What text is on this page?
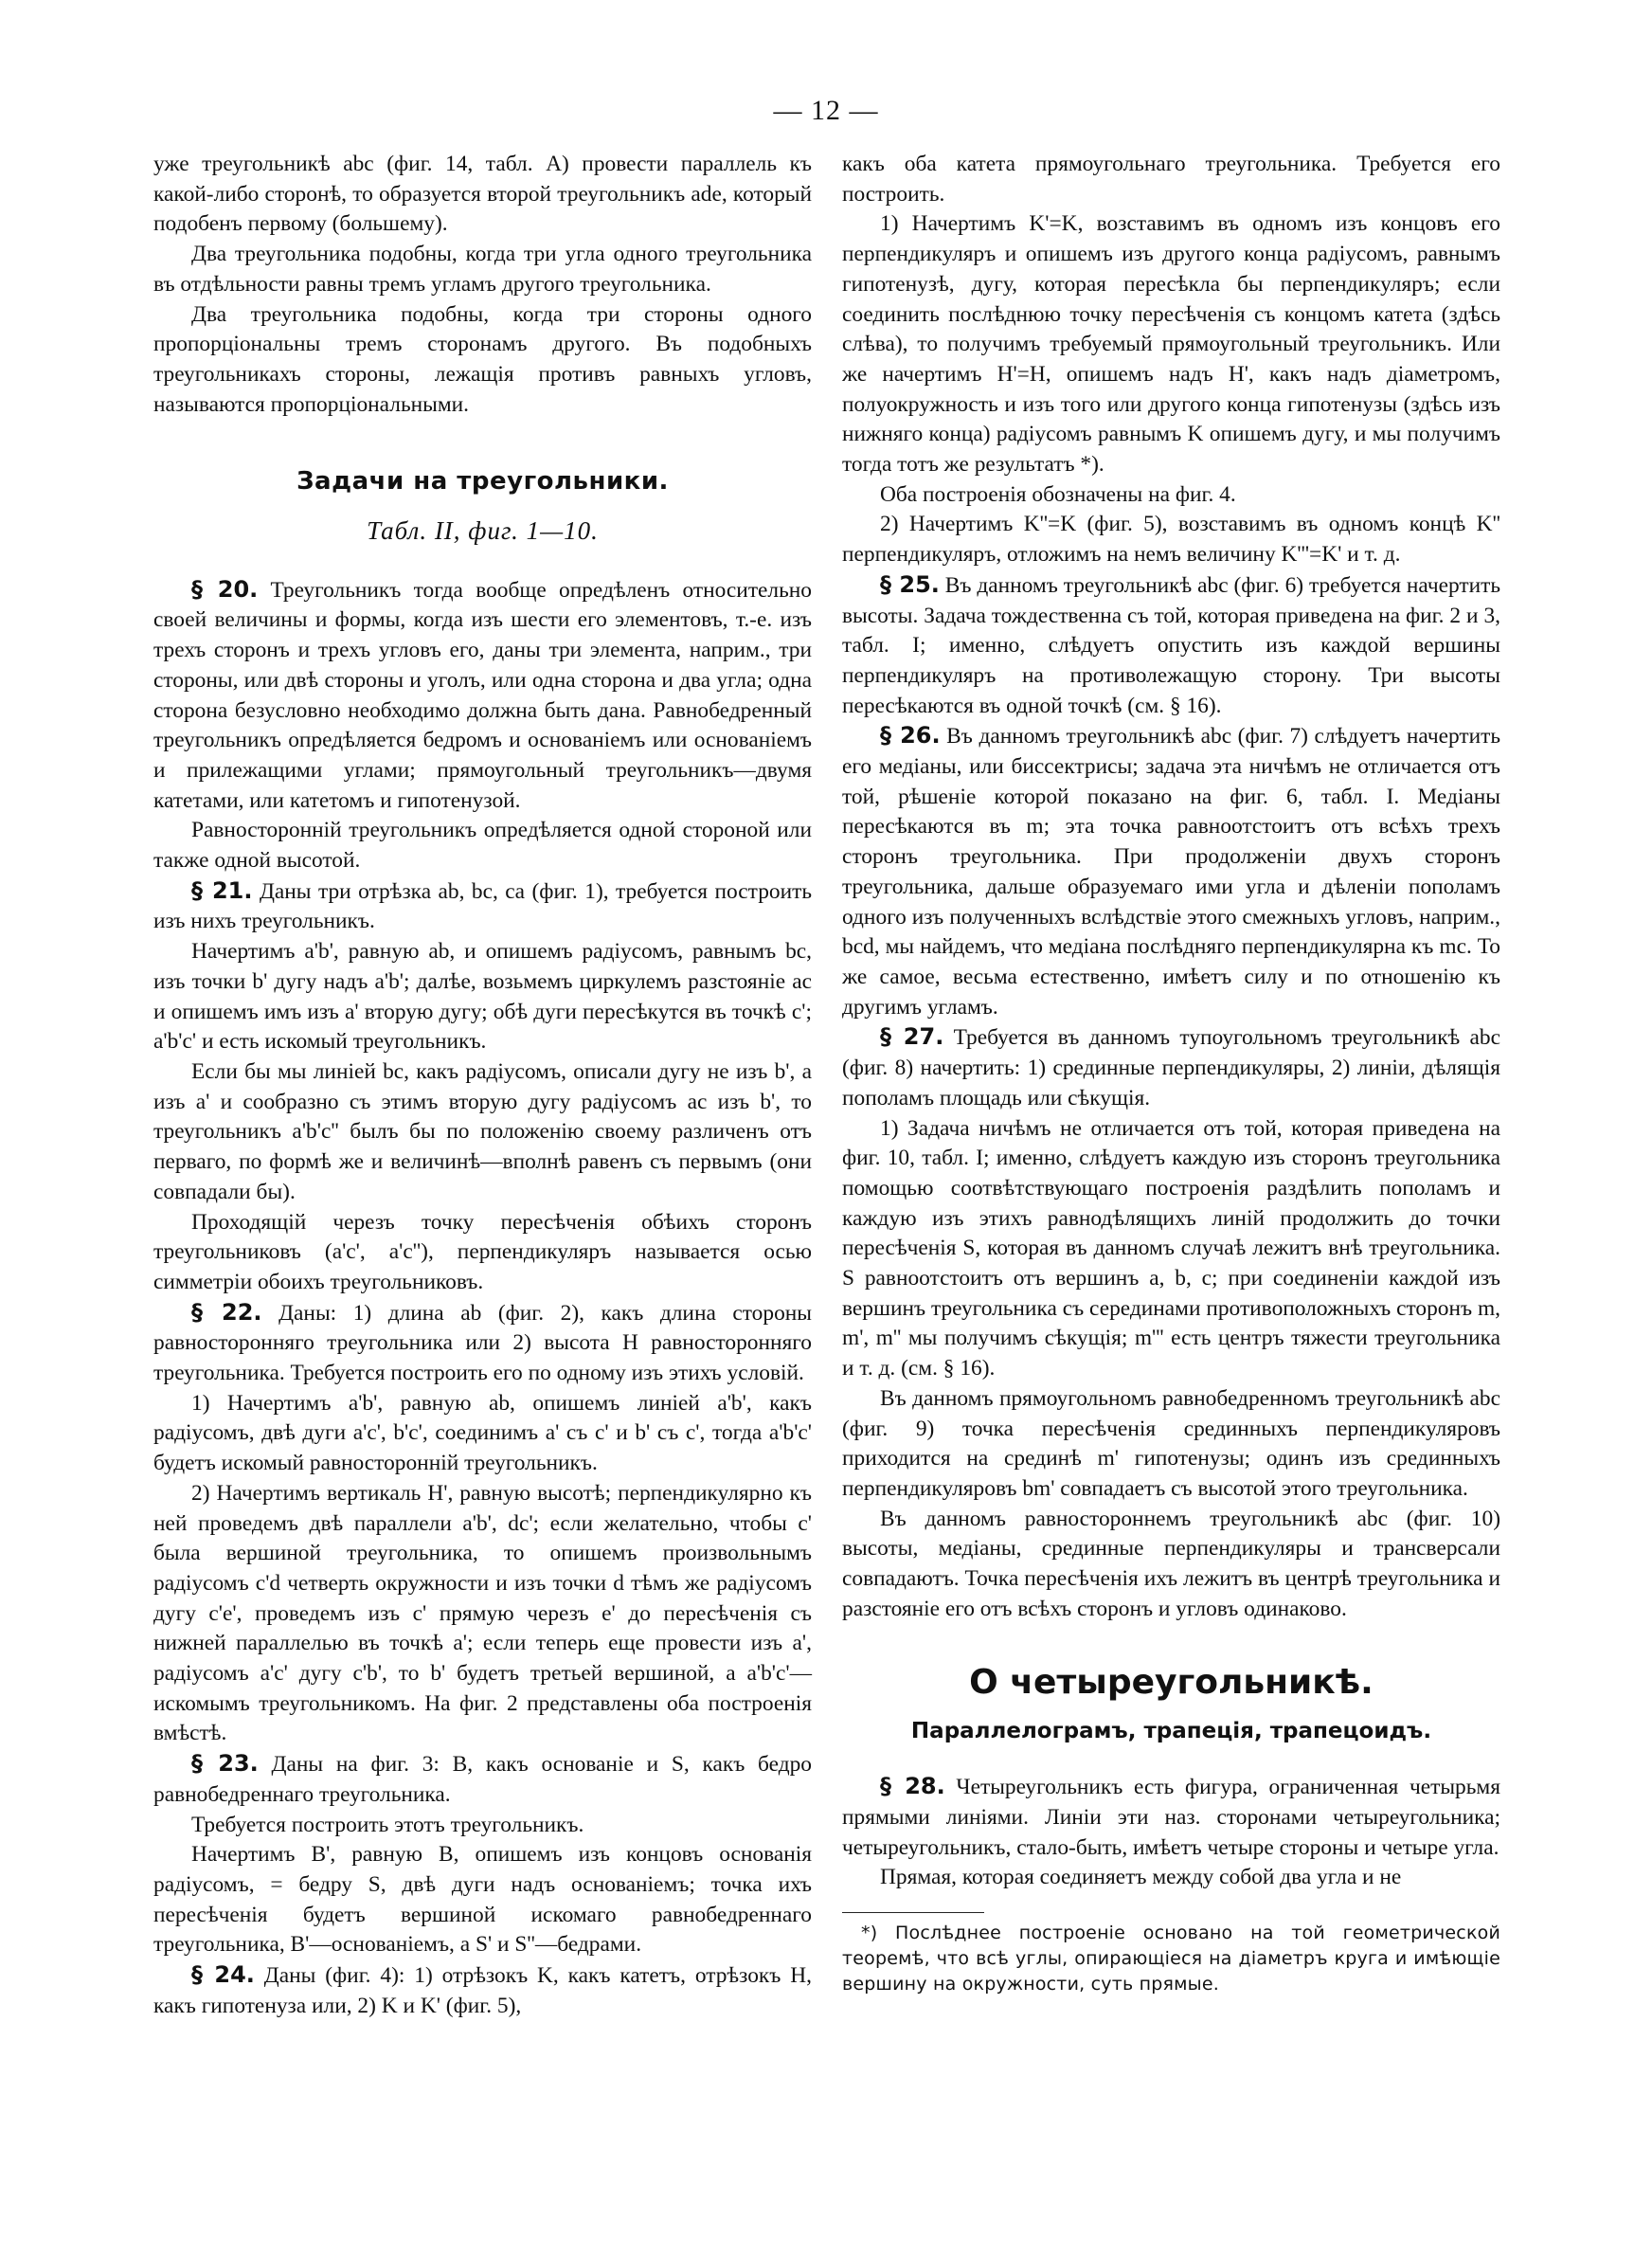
— 12 —

уже треугольникѣ abc (фиг. 14, табл. А) провести параллель къ какой-либо сторонѣ, то образуется второй треугольникъ ade, который подобенъ первому (большему).

Два треугольника подобны, когда три угла одного треугольника въ отдѣльности равны тремъ угламъ другого треугольника.

Два треугольника подобны, когда три стороны одного пропорціональны тремъ сторонамъ другого. Въ подобныхъ треугольникахъ стороны, лежащія противъ равныхъ угловъ, называются пропорціональными.

Задачи на треугольники.

Табл. II, фиг. 1—10.

§ 20. Треугольникъ тогда вообще опредѣленъ относительно своей величины и формы, когда изъ шести его элементовъ, т.-е. изъ трехъ сторонъ и трехъ угловъ его, даны три элемента, наприм., три стороны, или двѣ стороны и уголъ, или одна сторона и два угла; одна сторона безусловно необходимо должна быть дана. Равнобедренный треугольникъ опредѣляется бедромъ и основаніемъ или основаніемъ и прилежащими углами; прямоугольный треугольникъ—двумя катетами, или катетомъ и гипотенузой.

Равносторонній треугольникъ опредѣляется одной стороной или также одной высотой.

§ 21. Даны три отрѣзка ab, bc, ca (фиг. 1), требуется построить изъ нихъ треугольникъ.

Начертимъ a'b', равную ab, и опишемъ радіусомъ, равнымъ bc, изъ точки b' дугу надъ a'b'; далѣе, возьмемъ циркулемъ разстояніе ac и опишемъ имъ изъ a' вторую дугу; обѣ дуги пересѣкутся въ точкѣ c'; a'b'c' и есть искомый треугольникъ.

Если бы мы линіей bc, какъ радіусомъ, описали дугу не изъ b', а изъ a' и сообразно съ этимъ вторую дугу радіусомъ ac изъ b', то треугольникъ a'b'c'' былъ бы по положенію своему различенъ отъ перваго, по формѣ же и величинѣ—вполнѣ равенъ съ первымъ (они совпадали бы).

Проходящій черезъ точку пересѣченія обѣихъ сторонъ треугольниковъ (a'c', a'c''), перпендикуляръ называется осью симметріи обоихъ треугольниковъ.

§ 22. Даны: 1) длина ab (фиг. 2), какъ длина стороны равносторонняго треугольника или 2) высота H равносторонняго треугольника. Требуется построить его по одному изъ этихъ условій.

1) Начертимъ a'b', равную ab, опишемъ линіей a'b', какъ радіусомъ, двѣ дуги a'c', b'c', соединимъ a' съ c' и b' съ c', тогда a'b'c' будетъ искомый равносторонній треугольникъ.

2) Начертимъ вертикаль H', равную высотѣ; перпендикулярно къ ней проведемъ двѣ параллели a'b', dc'; если желательно, чтобы c' была вершиной треугольника, то опишемъ произвольнымъ радіусомъ c'd четверть окружности и изъ точки d тѣмъ же радіусомъ дугу c'e', проведемъ изъ c' прямую черезъ e' до пересѣченія съ нижней параллелью въ точкѣ a'; если теперь еще провести изъ a', радіусомъ a'c' дугу c'b', то b' будетъ третьей вершиной, а a'b'c'—искомымъ треугольникомъ. На фиг. 2 представлены оба построенія вмѣстѣ.

§ 23. Даны на фиг. 3: B, какъ основаніе и S, какъ бедро равнобедреннаго треугольника.

Требуется построить этотъ треугольникъ.

Начертимъ B', равную B, опишемъ изъ концовъ основанія радіусомъ, = бедру S, двѣ дуги надъ основаніемъ; точка ихъ пересѣченія будетъ вершиной искомаго равнобедреннаго треугольника, B'—основаніемъ, а S' и S''—бедрами.

§ 24. Даны (фиг. 4): 1) отрѣзокъ K, какъ катетъ, отрѣзокъ H, какъ гипотенуза или, 2) K и K' (фиг. 5),

какъ оба катета прямоугольнаго треугольника. Требуется его построить.

1) Начертимъ K'=K, возставимъ въ одномъ изъ концовъ его перпендикуляръ и опишемъ изъ другого конца радіусомъ, равнымъ гипотенузѣ, дугу, которая пересѣкла бы перпендикуляръ; если соединить послѣднюю точку пересѣченія съ концомъ катета (здѣсь слѣва), то получимъ требуемый прямоугольный треугольникъ. Или же начертимъ H'=H, опишемъ надъ H', какъ надъ діаметромъ, полуокружность и изъ того или другого конца гипотенузы (здѣсь изъ нижняго конца) радіусомъ равнымъ K опишемъ дугу, и мы получимъ тогда тотъ же результатъ *).

Оба построенія обозначены на фиг. 4.

2) Начертимъ K''=K (фиг. 5), возставимъ въ одномъ концѣ K'' перпендикуляръ, отложимъ на немъ величину K'''=K' и т. д.

§ 25. Въ данномъ треугольникѣ abc (фиг. 6) требуется начертить высоты. Задача тождественна съ той, которая приведена на фиг. 2 и 3, табл. I; именно, слѣдуетъ опустить изъ каждой вершины перпендикуляръ на противолежащую сторону. Три высоты пересѣкаются въ одной точкѣ (см. § 16).

§ 26. Въ данномъ треугольникѣ abc (фиг. 7) слѣдуетъ начертить его медіаны, или биссектрисы; задача эта ничѣмъ не отличается отъ той, рѣшеніе которой показано на фиг. 6, табл. I. Медіаны пересѣкаются въ m; эта точка равноотстоитъ отъ всѣхъ трехъ сторонъ треугольника. При продолженіи двухъ сторонъ треугольника, дальше образуемаго ими угла и дѣленіи пополамъ одного изъ полученныхъ вслѣдствіе этого смежныхъ угловъ, наприм., bcd, мы найдемъ, что медіана послѣдняго перпендикулярна къ mc. То же самое, весьма естественно, имѣетъ силу и по отношенію къ другимъ угламъ.

§ 27. Требуется въ данномъ тупоугольномъ треугольникѣ abc (фиг. 8) начертить: 1) срединные перпендикуляры, 2) линіи, дѣлящія пополамъ площадь или сѣкущія.

1) Задача ничѣмъ не отличается отъ той, которая приведена на фиг. 10, табл. I; именно, слѣдуетъ каждую изъ сторонъ треугольника помощью соотвѣтствующаго построенія раздѣлить пополамъ и каждую изъ этихъ равнодѣлящихъ линій продолжить до точки пересѣченія S, которая въ данномъ случаѣ лежитъ внѣ треугольника. S равноотстоитъ отъ вершинъ a, b, c; при соединеніи каждой изъ вершинъ треугольника съ серединами противоположныхъ сторонъ m, m', m'' мы получимъ сѣкущія; m''' есть центръ тяжести треугольника и т. д. (см. § 16).

Въ данномъ прямоугольномъ равнобедренномъ треугольникѣ abc (фиг. 9) точка пересѣченія срединныхъ перпендикуляровъ приходится на срединѣ m' гипотенузы; одинъ изъ срединныхъ перпендикуляровъ bm' совпадаетъ съ высотой этого треугольника.

Въ данномъ равностороннемъ треугольникѣ abc (фиг. 10) высоты, медіаны, срединные перпендикуляры и трансверсали совпадаютъ. Точка пересѣченія ихъ лежитъ въ центрѣ треугольника и разстояніе его отъ всѣхъ сторонъ и угловъ одинаково.

О четыреугольникѣ.

Параллелограмъ, трапеція, трапецоидъ.

§ 28. Четыреугольникъ есть фигура, ограниченная четырьмя прямыми линіями. Линіи эти наз. сторонами четыреугольника; четыреугольникъ, стало-быть, имѣетъ четыре стороны и четыре угла.

Прямая, которая соединяетъ между собой два угла и не

*) Послѣднее построеніе основано на той геометрической теоремѣ, что всѣ углы, опирающіеся на діаметръ круга и имѣющіе вершину на окружности, суть прямые.
